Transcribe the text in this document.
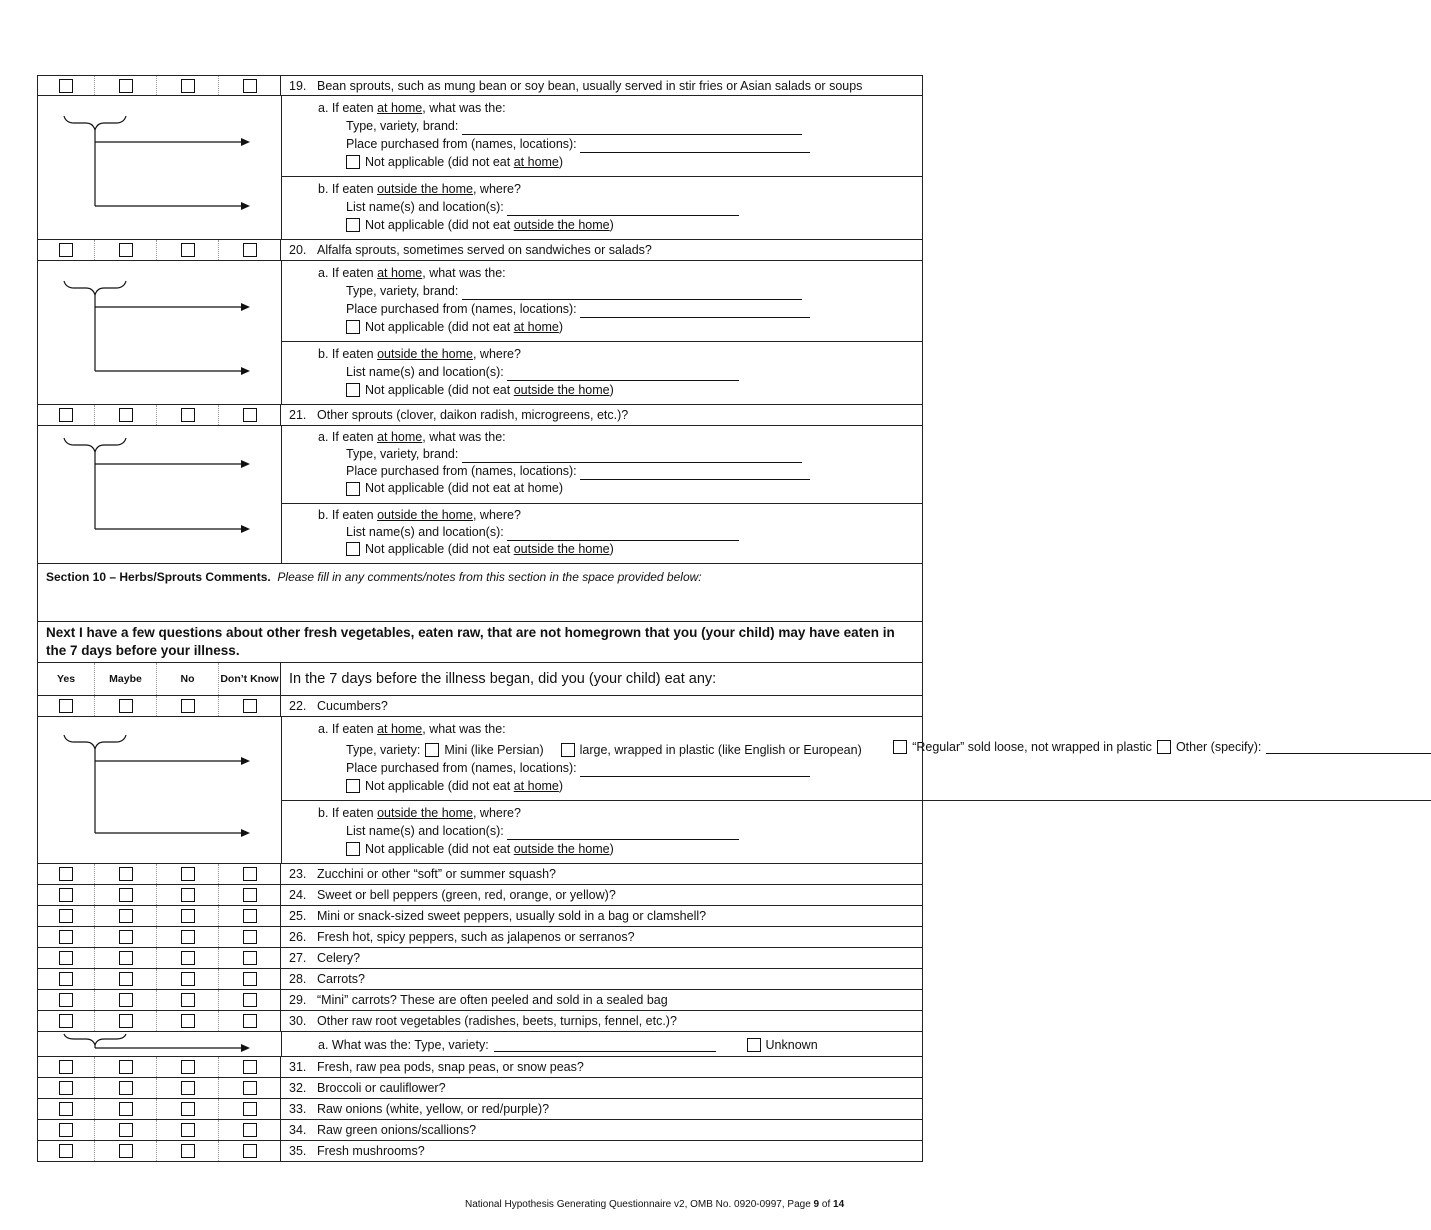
19. Bean sprouts, such as mung bean or soy bean, usually served in stir fries or Asian salads or soups
a. If eaten at home, what was the:
Type, variety, brand:
Place purchased from (names, locations):
Not applicable (did not eat at home)
b. If eaten outside the home, where?
List name(s) and location(s):
Not applicable (did not eat outside the home)
20. Alfalfa sprouts, sometimes served on sandwiches or salads?
a. If eaten at home, what was the:
Type, variety, brand:
Place purchased from (names, locations):
Not applicable (did not eat at home)
b. If eaten outside the home, where?
List name(s) and location(s):
Not applicable (did not eat outside the home)
21. Other sprouts (clover, daikon radish, microgreens, etc.)?
a. If eaten at home, what was the:
Type, variety, brand:
Place purchased from (names, locations):
Not applicable (did not eat at home)
b. If eaten outside the home, where?
List name(s) and location(s):
Not applicable (did not eat outside the home)
Section 10 – Herbs/Sprouts Comments. Please fill in any comments/notes from this section in the space provided below:
Next I have a few questions about other fresh vegetables, eaten raw, that are not homegrown that you (your child) may have eaten in the 7 days before your illness.
Yes	Maybe	No	Don’t Know In the 7 days before the illness began, did you (your child) eat any:
22. Cucumbers?
a. If eaten at home, what was the:
Type, variety: Mini (like Persian)
	large, wrapped in plastic (like English or European)
	“Regular” sold loose, not wrapped in plastic Other (specify):
Place purchased from (names, locations):
Not applicable (did not eat at home)
b. If eaten outside the home, where?
List name(s) and location(s):
Not applicable (did not eat outside the home)
23. Zucchini or other “soft” or summer squash?
24. Sweet or bell peppers (green, red, orange, or yellow)?
25. Mini or snack-sized sweet peppers, usually sold in a bag or clamshell?
26. Fresh hot, spicy peppers, such as jalapenos or serranos?
27. Celery?
28. Carrots?
29. “Mini” carrots? These are often peeled and sold in a sealed bag
30. Other raw root vegetables (radishes, beets, turnips, fennel, etc.)?
a. What was the: Type, variety:
	Unknown
31. Fresh, raw pea pods, snap peas, or snow peas?
32. Broccoli or cauliflower?
33. Raw onions (white, yellow, or red/purple)?
34. Raw green onions/scallions?
35. Fresh mushrooms?
National Hypothesis Generating Questionnaire v2, OMB No. 0920-0997, Page 9 of 14
